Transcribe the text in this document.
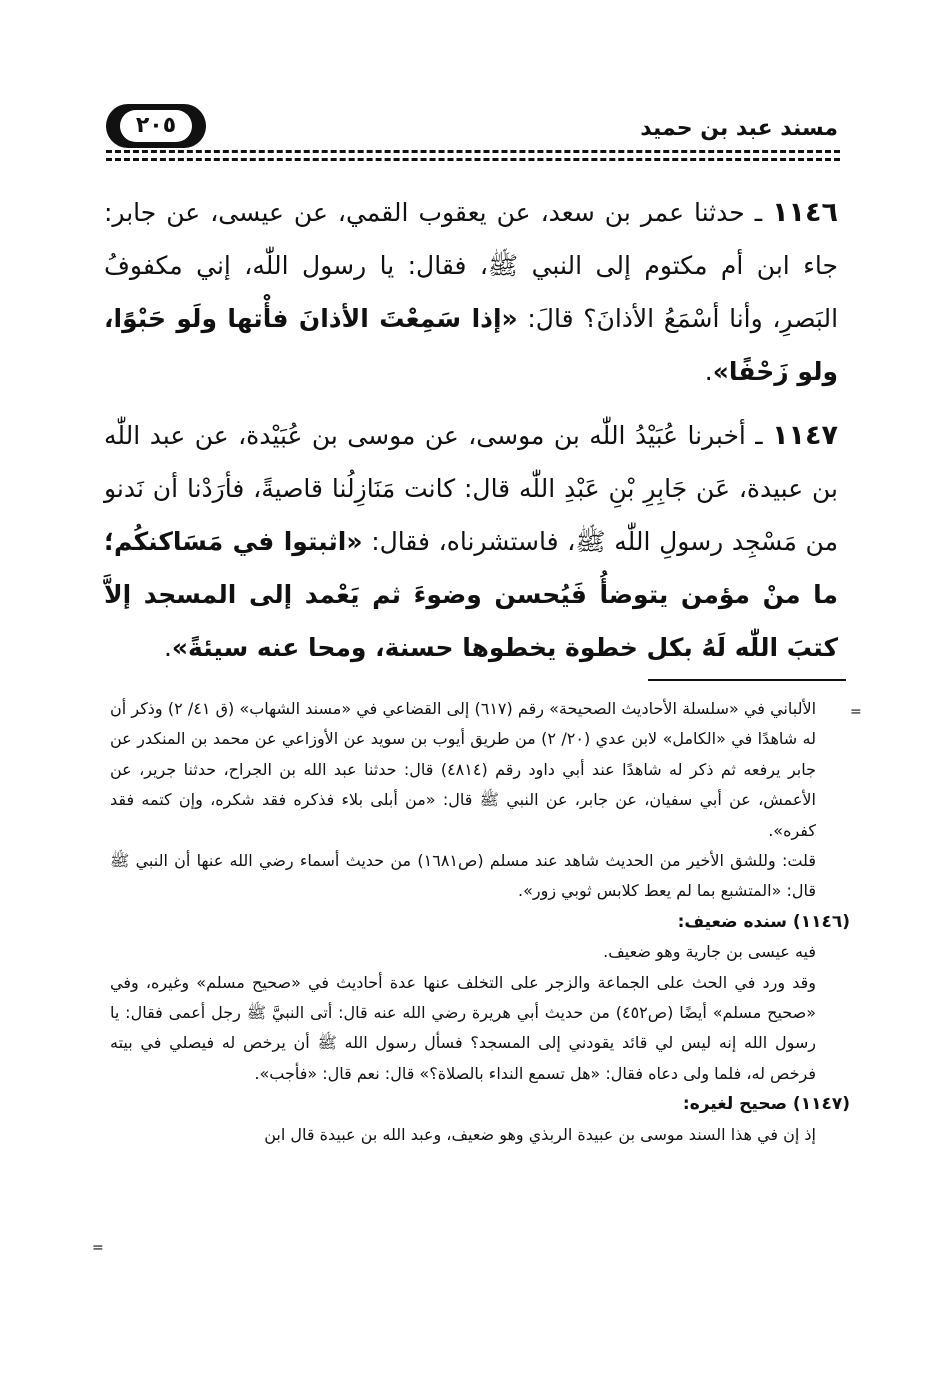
مسند عبد بن حميد
٢٠٥

١١٤٦ ـ حدثنا عمر بن سعد، عن يعقوب القمي، عن عيسى، عن جابر: جاء ابن أم مكتوم إلى النبي ﷺ، فقال: يا رسول اللّٰه، إني مكفوفُ البَصرِ، وأنا أسْمَعُ الأذانَ؟ قالَ: «إذا سَمِعْتَ الأذانَ فأْتها ولَو حَبْوًا، ولو زَحْفًا».

١١٤٧ ـ أخبرنا عُبَيْدُ اللّٰه بن موسى، عن موسى بن عُبَيْدة، عن عبد اللّٰه بن عبيدة، عَن جَابِرِ بْنِ عَبْدِ اللّٰه قال: كانت مَنَازِلُنا قاصيةً، فأرَدْنا أن نَدنو من مَسْجِد رسولِ اللّٰه ﷺ، فاستشرناه، فقال: «اثبتوا في مَسَاكنكُم؛ ما منْ مؤمن يتوضأُ فَيُحسن وضوءَ ثم يَعْمد إلى المسجد إلاَّ كتبَ اللّٰه لَهُ بكل خطوة يخطوها حسنة، ومحا عنه سيئةً».

=

الألباني في «سلسلة الأحاديث الصحيحة» رقم (٦١٧) إلى القضاعي في «مسند الشهاب» (ق ٤١/ ٢) وذكر أن له شاهدًا في «الكامل» لابن عدي (٢٠/ ٢) من طريق أيوب بن سويد عن الأوزاعي عن محمد بن المنكدر عن جابر يرفعه ثم ذكر له شاهدًا عند أبي داود رقم (٤٨١٤) قال: حدثنا عبد الله بن الجراح، حدثنا جرير، عن الأعمش، عن أبي سفيان، عن جابر، عن النبي ﷺ قال: «من أبلى بلاء فذكره فقد شكره، وإن كتمه فقد كفره».

قلت: وللشق الأخير من الحديث شاهد عند مسلم (ص١٦٨١) من حديث أسماء رضي الله عنها أن النبي ﷺ قال: «المتشبع بما لم يعط كلابس ثوبي زور».

(١١٤٦) سنده ضعيف:

فيه عيسى بن جارية وهو ضعيف.

وقد ورد في الحث على الجماعة والزجر على التخلف عنها عدة أحاديث في «صحيح مسلم» وغيره، وفي «صحيح مسلم» أيضًا (ص٤٥٢) من حديث أبي هريرة رضي الله عنه قال: أتى النبيَّ ﷺ رجل أعمى فقال: يا رسول الله إنه ليس لي قائد يقودني إلى المسجد؟ فسأل رسول الله ﷺ أن يرخص له فيصلي في بيته فرخص له، فلما ولى دعاه فقال: «هل تسمع النداء بالصلاة؟» قال: نعم قال: «فأجب».

(١١٤٧) صحيح لغيره:

إذ إن في هذا السند موسى بن عبيدة الربذي وهو ضعيف، وعبد الله بن عبيدة قال ابن

=
